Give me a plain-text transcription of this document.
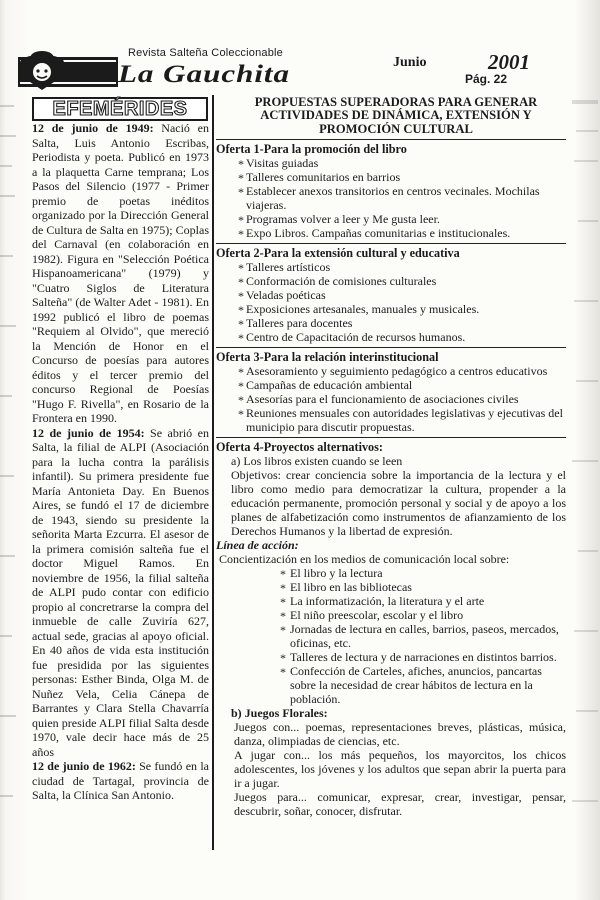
Revista Salteña Coleccionable
La Gauchita	Junio	2001
Pág. 22
EFEMÉRIDES

12 de junio de 1949: Nació en Salta, Luis Antonio Escribas, Periodista y poeta. Publicó en 1973 a la plaquetta Carne temprana; Los Pasos del Silencio (1977 - Primer premio de poetas inéditos organizado por la Dirección General de Cultura de Salta en 1975); Coplas del Carnaval (en colaboración en 1982). Figura en "Selección Poética Hispanoamericana" (1979) y "Cuatro Siglos de Literatura Salteña" (de Walter Adet - 1981). En 1992 publicó el libro de poemas "Requiem al Olvido", que mereció la Mención de Honor en el Concurso de poesías para autores éditos y el tercer premio del concurso Regional de Poesías "Hugo F. Rivella", en Rosario de la Frontera en 1990.

12 de junio de 1954: Se abrió en Salta, la filial de ALPI (Asociación para la lucha contra la parálisis infantil). Su primera presidente fue María Antonieta Day. En Buenos Aires, se fundó el 17 de diciembre de 1943, siendo su presidente la señorita Marta Ezcurra. El asesor de la primera comisión salteña fue el doctor Miguel Ramos. En noviembre de 1956, la filial salteña de ALPI pudo contar con edificio propio al concretrarse la compra del inmueble de calle Zuviría 627, actual sede, gracias al apoyo oficial. En 40 años de vida esta institución fue presidida por las siguientes personas: Esther Binda, Olga M. de Nuñez Vela, Celia Cánepa de Barrantes y Clara Stella Chavarría quien preside ALPI filial Salta desde 1970, vale decir hace más de 25 años

12 de junio de 1962: Se fundó en la ciudad de Tartagal, provincia de Salta, la Clínica San Antonio.

PROPUESTAS SUPERADORAS PARA GENERAR ACTIVIDADES DE DINÁMICA, EXTENSIÓN Y PROMOCIÓN CULTURAL
Oferta 1-Para la promoción del libro
* Visitas guiadas
* Talleres comunitarios en barrios
* Establecer anexos transitorios en centros vecinales. Mochilas viajeras.
* Programas volver a leer y Me gusta leer.
* Expo Libros. Campañas comunitarias e institucionales.
Oferta 2-Para la extensión cultural y educativa
* Talleres artísticos
* Conformación de comisiones culturales
* Veladas poéticas
* Exposiciones artesanales, manuales y musicales.
* Talleres para docentes
* Centro de Capacitación de recursos humanos.
Oferta 3-Para la relación interinstitucional
* Asesoramiento y seguimiento pedagógico a centros educativos
* Campañas de educación ambiental
* Asesorías para el funcionamiento de asociaciones civiles
* Reuniones mensuales con autoridades legislativas y ejecutivas del municipio para discutir propuestas.
Oferta 4-Proyectos alternativos:
a) Los libros existen cuando se leen
Objetivos: crear conciencia sobre la importancia de la lectura y el libro como medio para democratizar la cultura, propender a la educación permanente, promoción personal y social y de apoyo a los planes de alfabetización como instrumentos de afianzamiento de los Derechos Humanos y la libertad de expresión.
Línea de acción:
Concientización en los medios de comunicación local sobre:
* El libro y la lectura
* El libro en las bibliotecas
* La informatización, la literatura y el arte
* El niño preescolar, escolar y el libro
* Jornadas de lectura en calles, barrios, paseos, mercados, oficinas, etc.
* Talleres de lectura y de narraciones en distintos barrios.
* Confección de Carteles, afiches, anuncios, pancartas sobre la necesidad de crear hábitos de lectura en la población.
b) Juegos Florales:
Juegos con... poemas, representaciones breves, plásticas, música, danza, olimpiadas de ciencias, etc.
A jugar con... los más pequeños, los mayorcitos, los chicos adolescentes, los jóvenes y los adultos que sepan abrir la puerta para ir a jugar.
Juegos para... comunicar, expresar, crear, investigar, pensar, descubrir, soñar, conocer, disfrutar.
